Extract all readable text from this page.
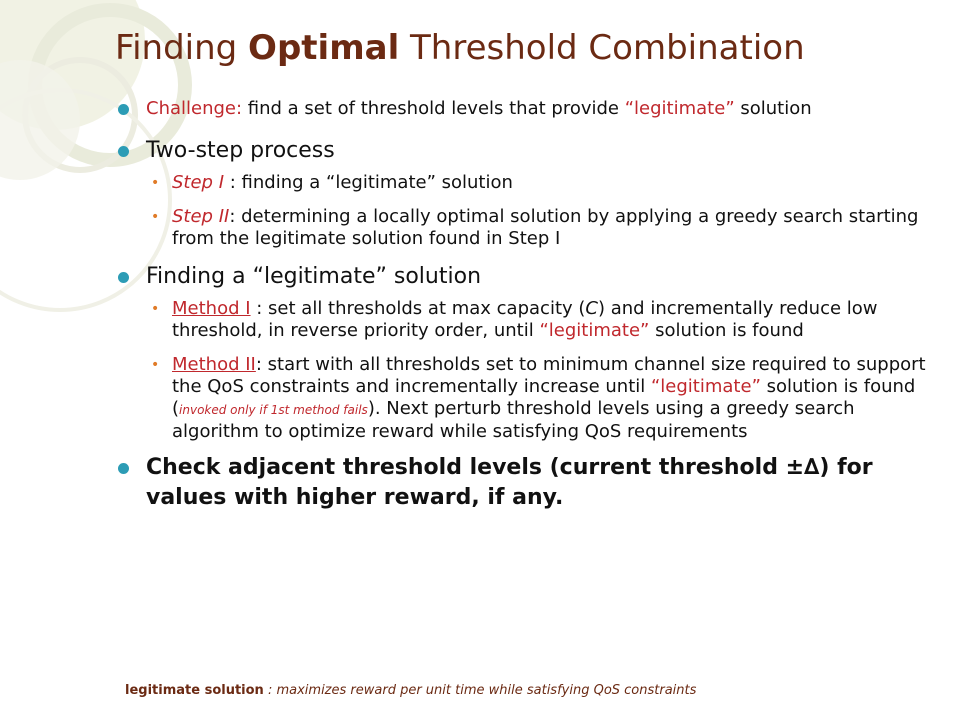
Finding Optimal Threshold Combination
Challenge: find a set of threshold levels that provide “legitimate” solution
Two-step process
• Step I : finding a “legitimate” solution
• Step II: determining a locally optimal solution by applying a greedy search starting from the legitimate solution found in Step I
Finding a “legitimate” solution
• Method I : set all thresholds at max capacity (C) and incrementally reduce low threshold, in reverse priority order, until “legitimate” solution is found
• Method II: start with all thresholds set to minimum channel size required to support the QoS constraints and incrementally increase until “legitimate” solution is found (invoked only if 1st method fails). Next perturb threshold levels using a greedy search algorithm to optimize reward while satisfying QoS requirements
Check adjacent threshold levels (current threshold ±∆) for values with higher reward, if any.
legitimate solution : maximizes reward per unit time while satisfying QoS constraints
